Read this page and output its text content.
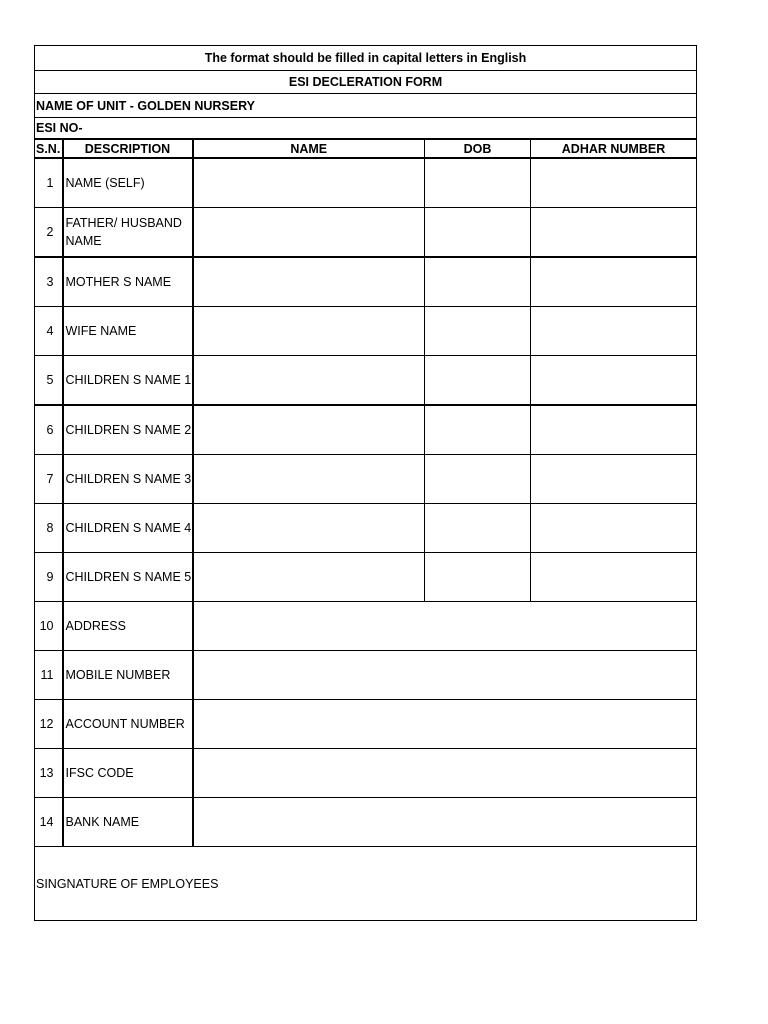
The format should be filled in capital letters in English				
ESI DECLERATION FORM				
NAME OF UNIT - GOLDEN NURSERY				
ESI NO-				
S.N.	DESCRIPTION	NAME	DOB	ADHAR NUMBER
1	NAME (SELF)			
2	FATHER/ HUSBAND NAME			
3	MOTHER S NAME			
4	WIFE NAME			
5	CHILDREN S NAME 1			
6	CHILDREN S NAME 2			
7	CHILDREN S NAME 3			
8	CHILDREN S NAME 4			
9	CHILDREN S NAME 5			
10	ADDRESS			
11	MOBILE NUMBER			
12	ACCOUNT NUMBER			
13	IFSC CODE			
14	BANK NAME			
SINGNATURE OF EMPLOYEES				
